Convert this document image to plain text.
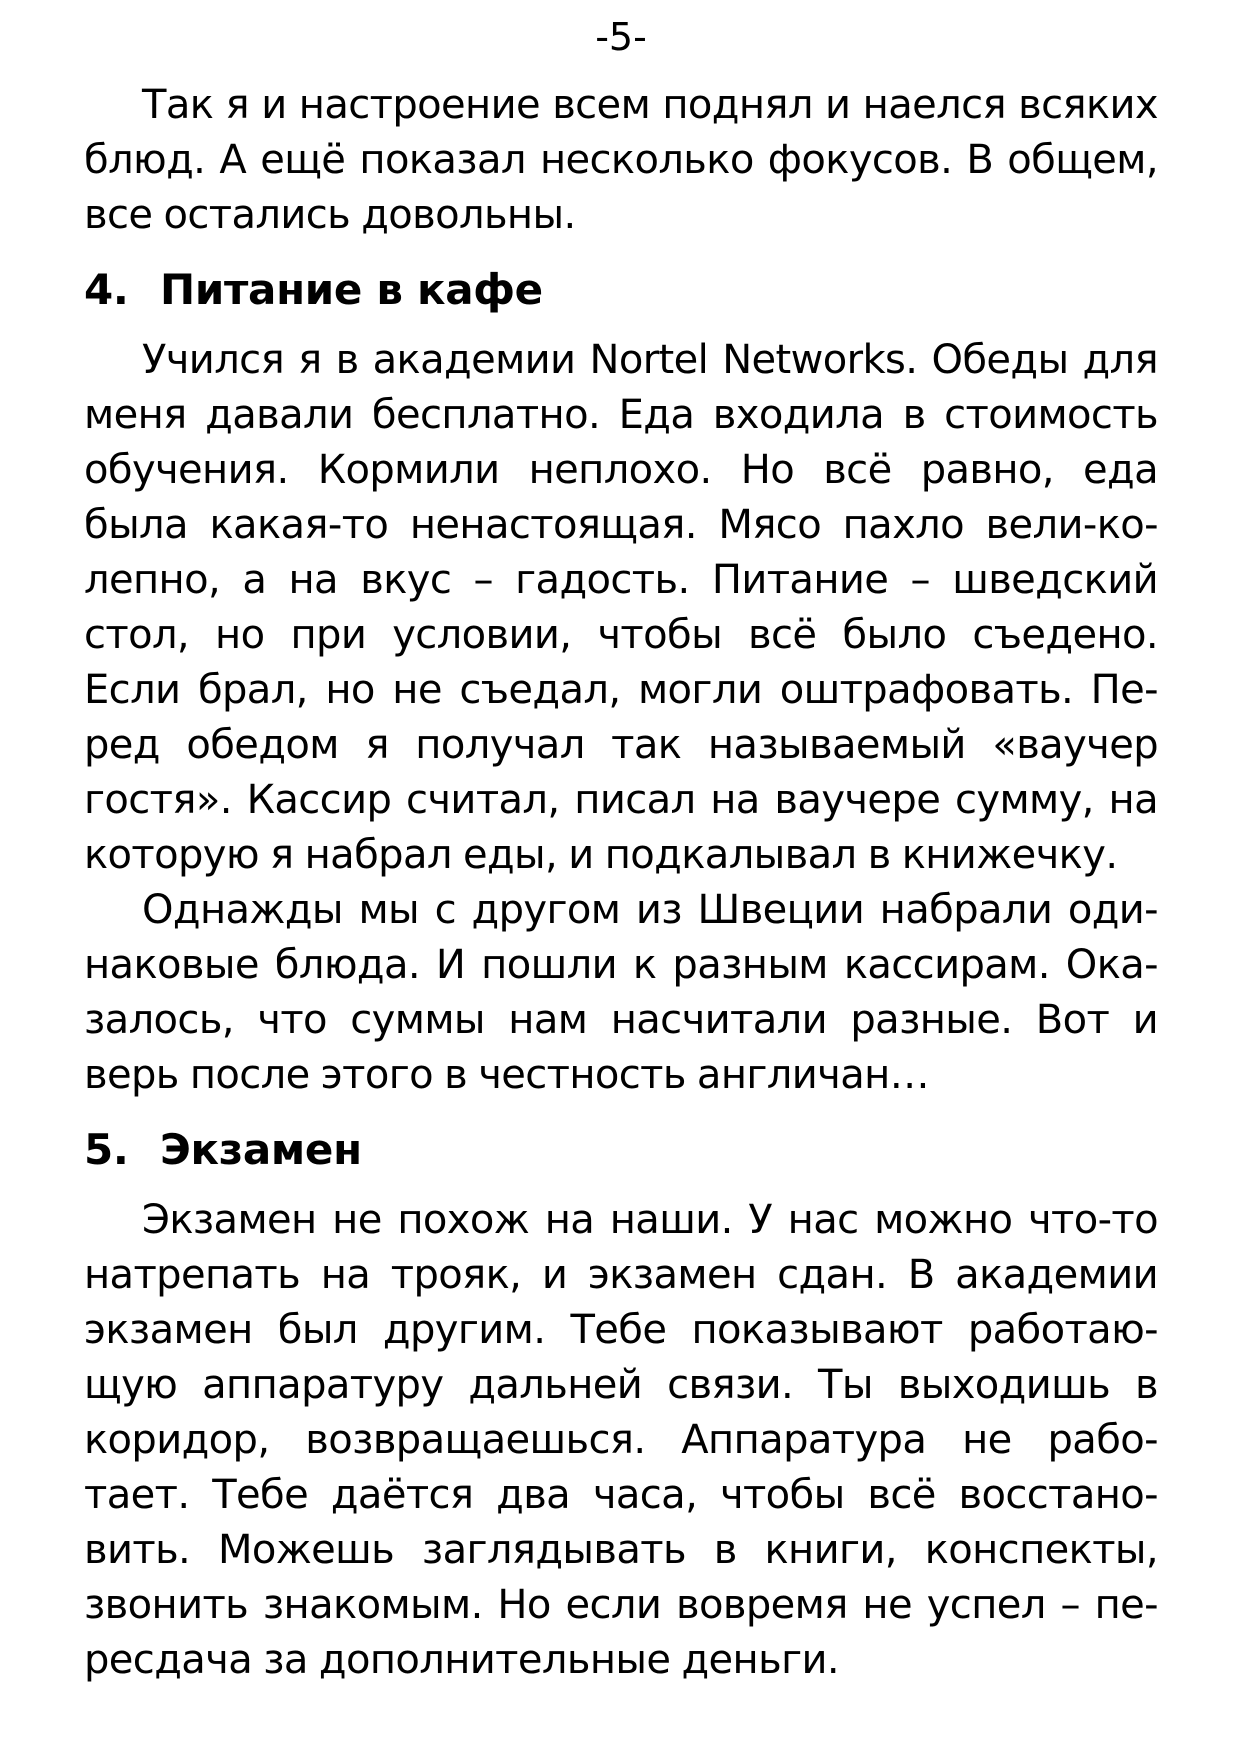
-5-

Так я и настроение всем поднял и наелся всяких блюд. А ещё показал несколько фокусов. В общем, все остались довольны.

4. Питание в кафе

Учился я в академии Nortel Networks. Обеды для меня давали бесплатно. Еда входила в стоимость обучения. Кормили неплохо. Но всё равно, еда была какая-то ненастоящая. Мясо пахло вели-ко-лепно, а на вкус – гадость. Питание – шведский стол, но при условии, чтобы всё было съедено. Если брал, но не съедал, могли оштрафовать. Пе-ред обедом я получал так называемый «ваучер гостя». Кассир считал, писал на ваучере сумму, на которую я набрал еды, и подкалывал в книжечку.

Однажды мы с другом из Швеции набрали оди-наковые блюда. И пошли к разным кассирам. Ока-залось, что суммы нам насчитали разные. Вот и верь после этого в честность англичан…

5. Экзамен

Экзамен не похож на наши. У нас можно что-то натрепать на трояк, и экзамен сдан. В академии экзамен был другим. Тебе показывают работаю-щую аппаратуру дальней связи. Ты выходишь в коридор, возвращаешься. Аппаратура не рабо-тает. Тебе даётся два часа, чтобы всё восстано-вить. Можешь заглядывать в книги, конспекты, звонить знакомым. Но если вовремя не успел – пе-ресдача за дополнительные деньги.
